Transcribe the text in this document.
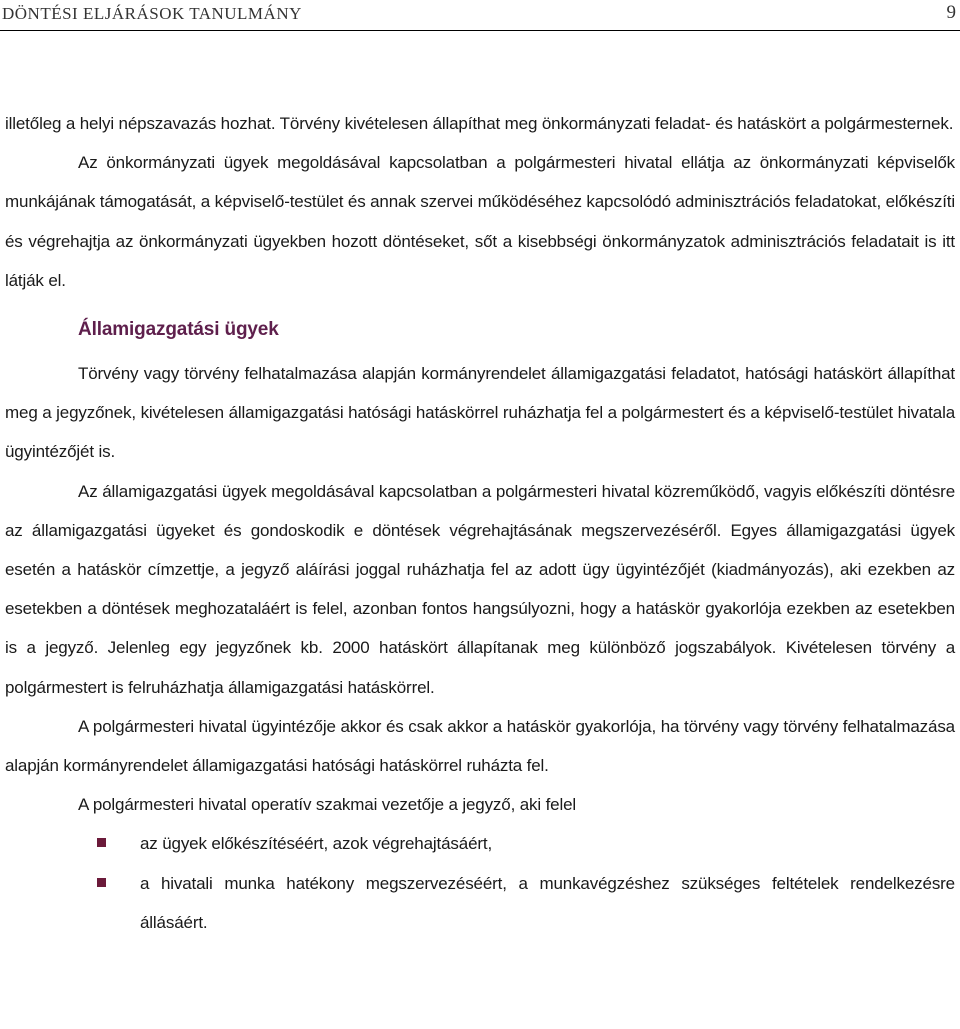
DÖNTÉSI ELJÁRÁSOK TANULMÁNY	9

illetőleg a helyi népszavazás hozhat. Törvény kivételesen állapíthat meg önkormányzati feladat- és hatáskört a polgármesternek.

Az önkormányzati ügyek megoldásával kapcsolatban a polgármesteri hivatal ellátja az önkormányzati képviselők munkájának támogatását, a képviselő-testület és annak szervei működéséhez kapcsolódó adminisztrációs feladatokat, előkészíti és végrehajtja az önkormányzati ügyekben hozott döntéseket, sőt a kisebbségi önkormányzatok adminisztrációs feladatait is itt látják el.

Államigazgatási ügyek

Törvény vagy törvény felhatalmazása alapján kormányrendelet államigazgatási feladatot, hatósági hatáskört állapíthat meg a jegyzőnek, kivételesen államigazgatási hatósági hatáskörrel ruházhatja fel a polgármestert és a képviselő-testület hivatala ügyintézőjét is.

Az államigazgatási ügyek megoldásával kapcsolatban a polgármesteri hivatal közreműködő, vagyis előkészíti döntésre az államigazgatási ügyeket és gondoskodik e döntések végrehajtásának megszervezéséről. Egyes államigazgatási ügyek esetén a hatáskör címzettje, a jegyző aláírási joggal ruházhatja fel az adott ügy ügyintézőjét (kiadmányozás), aki ezekben az esetekben a döntések meghozataláért is felel, azonban fontos hangsúlyozni, hogy a hatáskör gyakorlója ezekben az esetekben is a jegyző. Jelenleg egy jegyzőnek kb. 2000 hatáskört állapítanak meg különböző jogszabályok. Kivételesen törvény a polgármestert is felruházhatja államigazgatási hatáskörrel.

A polgármesteri hivatal ügyintézője akkor és csak akkor a hatáskör gyakorlója, ha törvény vagy törvény felhatalmazása alapján kormányrendelet államigazgatási hatósági hatáskörrel ruházta fel.

A polgármesteri hivatal operatív szakmai vezetője a jegyző, aki felel

az ügyek előkészítéséért, azok végrehajtásáért,
a hivatali munka hatékony megszervezéséért, a munkavégzéshez szükséges feltételek rendelkezésre állásáért.
